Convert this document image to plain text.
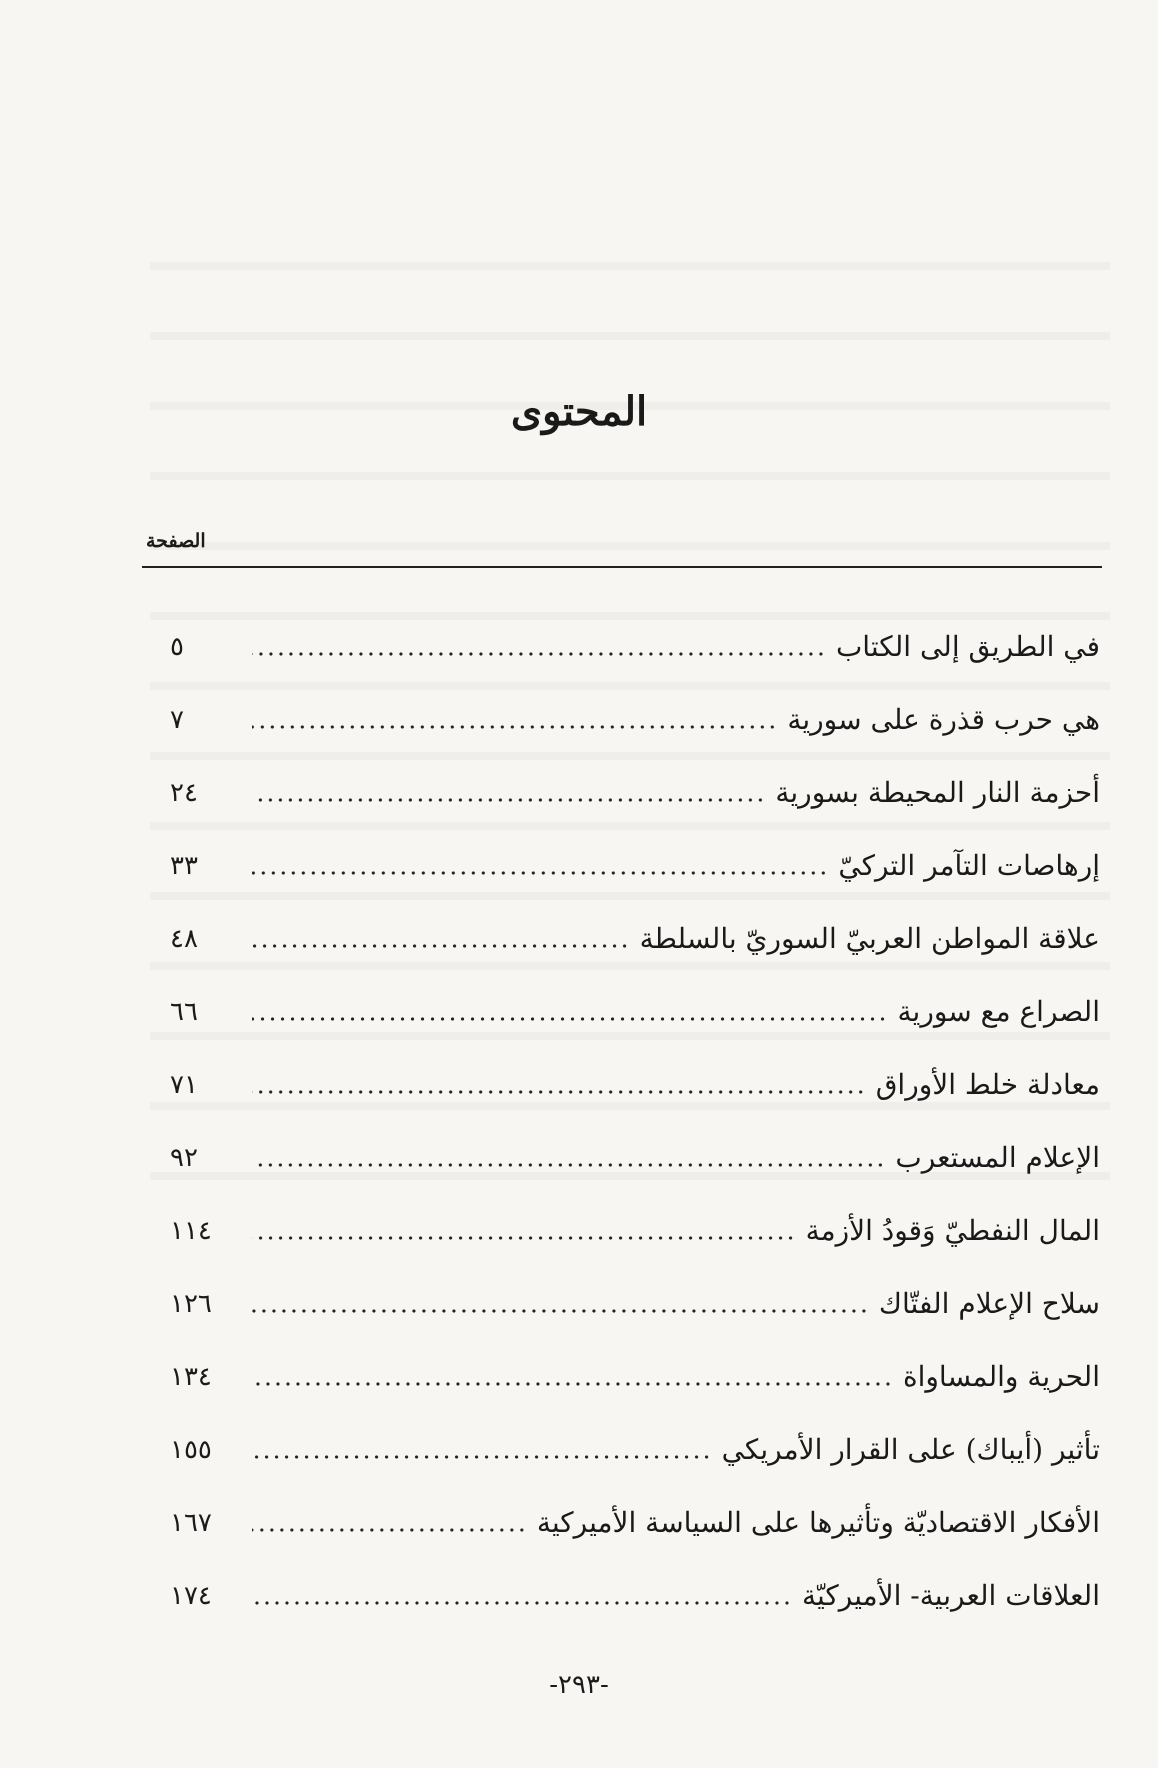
المحتوى
الصفحة
في الطريق إلى الكتاب
٥
هي حرب قذرة على سورية
٧
أحزمة النار المحيطة بسورية
٢٤
إرهاصات التآمر التركيّ
٣٣
علاقة المواطن العربيّ السوريّ بالسلطة
٤٨
الصراع مع سورية
٦٦
معادلة خلط الأوراق
٧١
الإعلام المستعرب
٩٢
المال النفطيّ وَقودُ الأزمة
١١٤
سلاح الإعلام الفتّاك
١٢٦
الحرية والمساواة
١٣٤
تأثير (أيباك) على القرار الأمريكي
١٥٥
الأفكار الاقتصاديّة وتأثيرها على السياسة الأميركية
١٦٧
العلاقات العربية- الأميركيّة
١٧٤
-٢٩٣-
